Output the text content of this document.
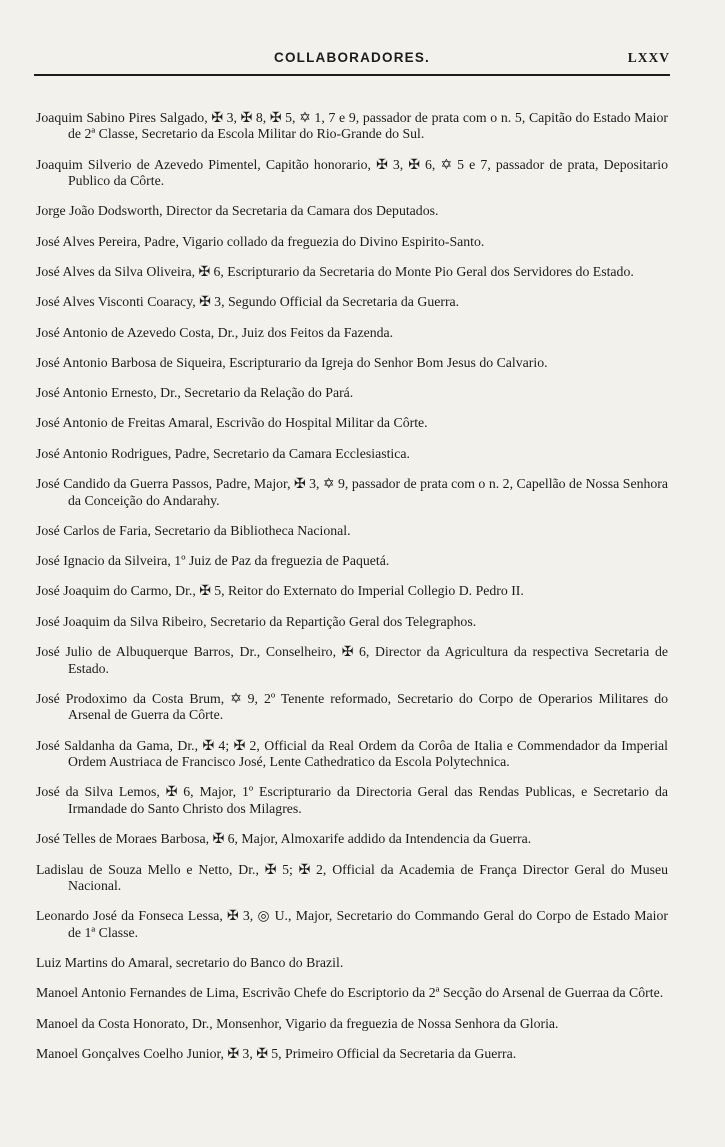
COLLABORADORES.	LXXV

Joaquim Sabino Pires Salgado, ✠ 3, ✠ 8, ✠ 5, ✡ 1, 7 e 9, passador de prata com o n. 5, Capitão do Estado Maior de 2ª Classe, Secretario da Escola Militar do Rio-Grande do Sul.

Joaquim Silverio de Azevedo Pimentel, Capitão honorario, ✠ 3, ✠ 6, ✡ 5 e 7, passador de prata, Depositario Publico da Côrte.

Jorge João Dodsworth, Director da Secretaria da Camara dos Deputados.

José Alves Pereira, Padre, Vigario collado da freguezia do Divino Espirito-Santo.

José Alves da Silva Oliveira, ✠ 6, Escripturario da Secretaria do Monte Pio Geral dos Servidores do Estado.

José Alves Visconti Coaracy, ✠ 3, Segundo Official da Secretaria da Guerra.

José Antonio de Azevedo Costa, Dr., Juiz dos Feitos da Fazenda.

José Antonio Barbosa de Siqueira, Escripturario da Igreja do Senhor Bom Jesus do Calvario.

José Antonio Ernesto, Dr., Secretario da Relação do Pará.

José Antonio de Freitas Amaral, Escrivão do Hospital Militar da Côrte.

José Antonio Rodrigues, Padre, Secretario da Camara Ecclesiastica.

José Candido da Guerra Passos, Padre, Major, ✠ 3, ✡ 9, passador de prata com o n. 2, Capellão de Nossa Senhora da Conceição do Andarahy.

José Carlos de Faria, Secretario da Bibliotheca Nacional.

José Ignacio da Silveira, 1º Juiz de Paz da freguezia de Paquetá.

José Joaquim do Carmo, Dr., ✠ 5, Reitor do Externato do Imperial Collegio D. Pedro II.

José Joaquim da Silva Ribeiro, Secretario da Repartição Geral dos Telegraphos.

José Julio de Albuquerque Barros, Dr., Conselheiro, ✠ 6, Director da Agricultura da respectiva Secretaria de Estado.

José Prodoximo da Costa Brum, ✡ 9, 2º Tenente reformado, Secretario do Corpo de Operarios Militares do Arsenal de Guerra da Côrte.

José Saldanha da Gama, Dr., ✠ 4; ✠ 2, Official da Real Ordem da Corôa de Italia e Commendador da Imperial Ordem Austriaca de Francisco José, Lente Cathedratico da Escola Polytechnica.

José da Silva Lemos, ✠ 6, Major, 1º Escripturario da Directoria Geral das Rendas Publicas, e Secretario da Irmandade do Santo Christo dos Milagres.

José Telles de Moraes Barbosa, ✠ 6, Major, Almoxarife addido da Intendencia da Guerra.

Ladislau de Souza Mello e Netto, Dr., ✠ 5; ✠ 2, Official da Academia de França Director Geral do Museu Nacional.

Leonardo José da Fonseca Lessa, ✠ 3, ◎ U., Major, Secretario do Commando Geral do Corpo de Estado Maior de 1ª Classe.

Luiz Martins do Amaral, secretario do Banco do Brazil.

Manoel Antonio Fernandes de Lima, Escrivão Chefe do Escriptorio da 2ª Secção do Arsenal de Guerraa da Côrte.

Manoel da Costa Honorato, Dr., Monsenhor, Vigario da freguezia de Nossa Senhora da Gloria.

Manoel Gonçalves Coelho Junior, ✠ 3, ✠ 5, Primeiro Official da Secretaria da Guerra.
